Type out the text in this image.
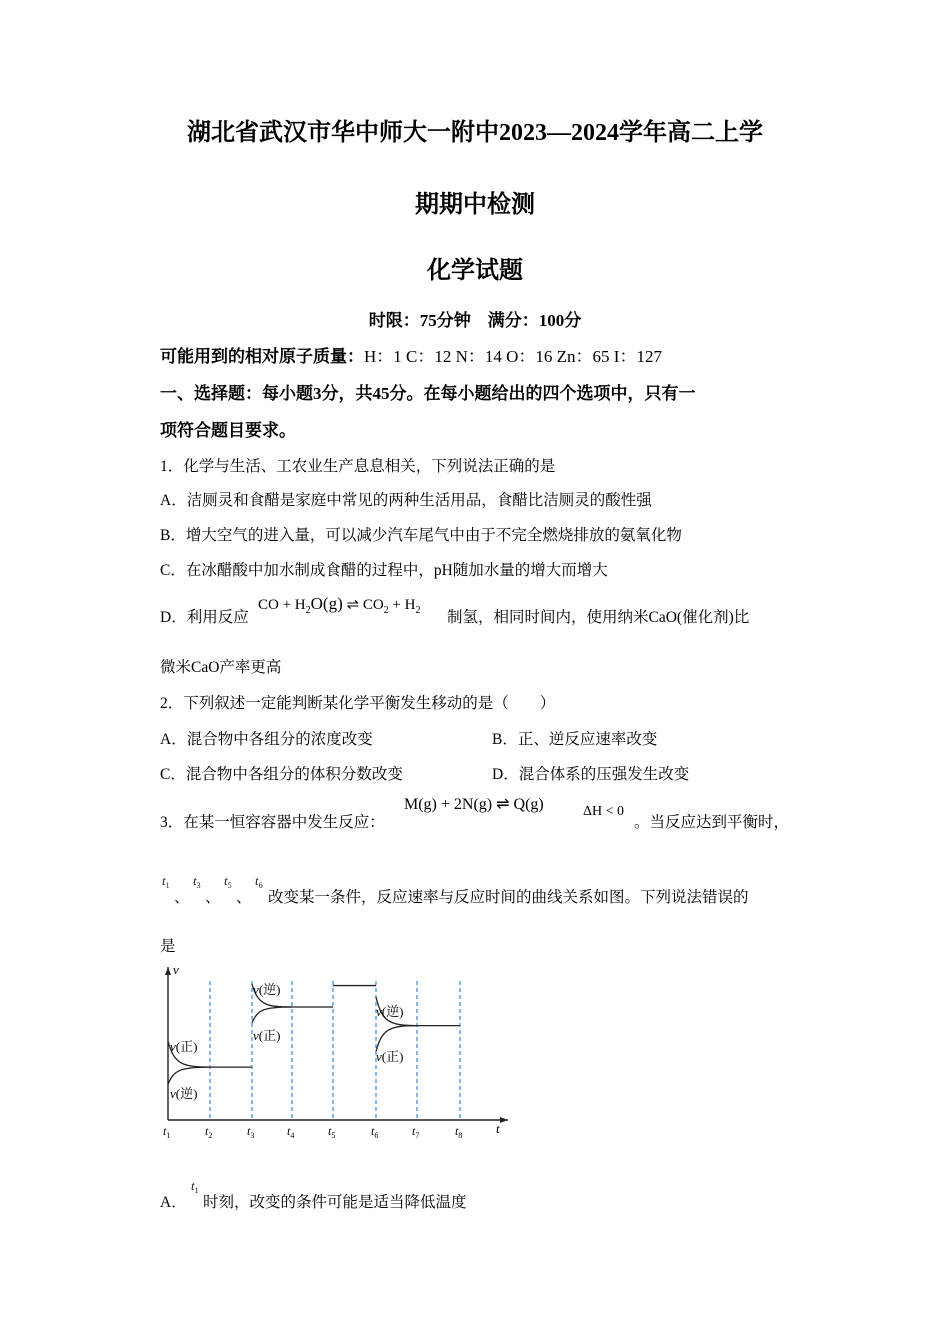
湖北省武汉市华中师大一附中2023—2024学年高二上学
期期中检测
化学试题
时限：75分钟　满分：100分
可能用到的相对原子质量：H：1 C：12 N：14 O：16 Zn：65 I：127
一、选择题：每小题3分，共45分。在每小题给出的四个选项中，只有一
项符合题目要求。
1．化学与生活、工农业生产息息相关，下列说法正确的是
A．洁厕灵和食醋是家庭中常见的两种生活用品，食醋比洁厕灵的酸性强
B．增大空气的进入量，可以减少汽车尾气中由于不完全燃烧排放的氨氧化物
C．在冰醋酸中加水制成食醋的过程中，pH随加水量的增大而增大
D．利用反应
CO + $H_2O(g)$ ⇌ $CO_2 + H_2$ 制氢，相同时间内，使用纳米CaO(催化剂)比
微米CaO产率更高
2．下列叙述一定能判断某化学平衡发生移动的是（　　）
A．混合物中各组分的浓度改变	B．正、逆反应速率改变
C．混合物中各组分的体积分数改变	D．混合体系的压强发生改变
3．在某一恒容容器中发生反应：
M(g) + 2N(g) ⇌ Q(g)	ΔH < 0
。当反应达到平衡时，
$t_1$
、
$t_3$
、
$t_5$
、
$t_6$
改变某一条件，反应速率与反应时间的曲线关系如图。下列说法错误的
是
v
t
$t_1$	$t_2$	$t_3$	$t_4$	$t_5$	$t_6$	$t_7$	$t_8$
v(正)
v(逆)
v(逆)
v(正)
v(逆)
v(正)
A．
$t_1$
时刻，改变的条件可能是适当降低温度
